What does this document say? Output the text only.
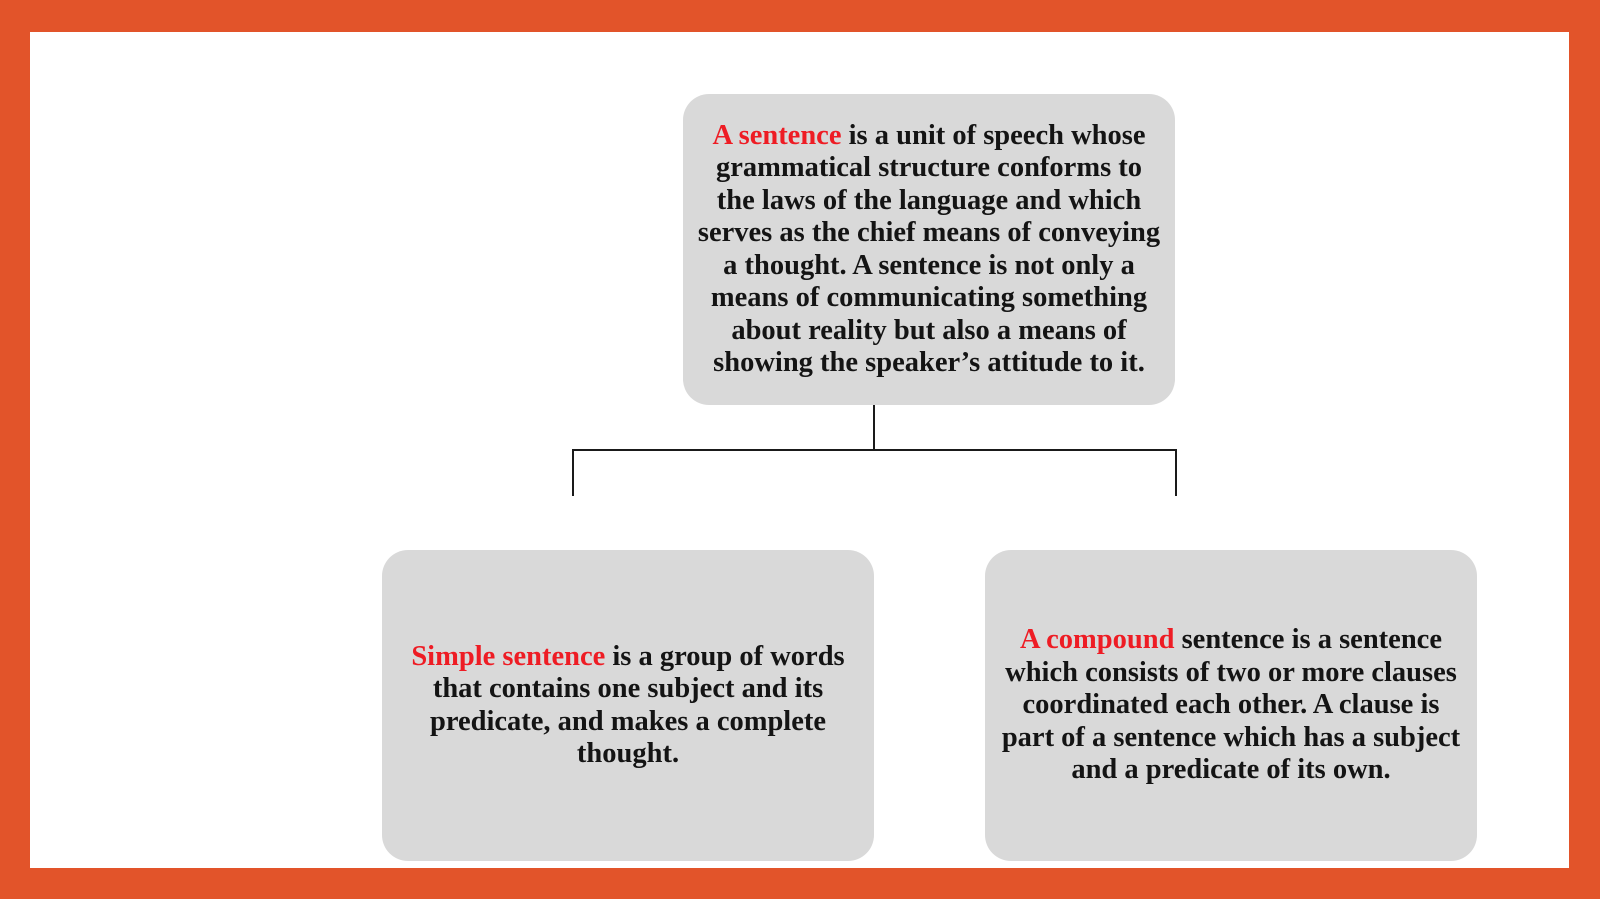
A sentence is a unit of speech whose grammatical structure conforms to the laws of the language and which serves as the chief means of conveying a thought. A sentence is not only a means of communicating something about reality but also a means of showing the speaker’s attitude to it.

Simple sentence is a group of words that contains one subject and its predicate, and makes a complete thought.

A compound sentence is a sentence which consists of two or more clauses coordinated each other. A clause is part of a sentence which has a subject and a predicate of its own.
